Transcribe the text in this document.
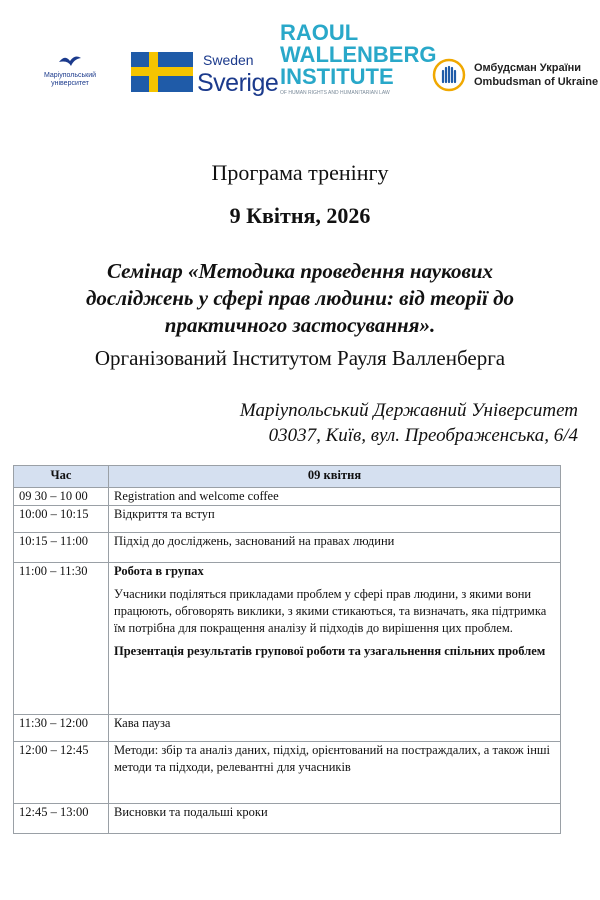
Маріупольський університет
Sweden
Sverige
RAOUL
WALLENBERG
INSTITUTE
OF HUMAN RIGHTS AND HUMANITARIAN LAW
Омбудсман України
Ombudsman of Ukraine
Програма тренінгу
9 Квітня, 2026
Семінар «Методика проведення наукових
досліджень у сфері прав людини: від теорії до
практичного застосування».
Організований Інститутом Рауля Валленберга
Маріупольський Державний Університет
03037, Київ, вул. Преображенська, 6/4
Час	09 квітня
09 30 – 10 00	Registration and welcome coffee
10:00 – 10:15	Відкриття та вступ
10:15 – 11:00	Підхід до досліджень, заснований на правах людини
11:00 – 11:30	Робота в групах
Учасники поділяться прикладами проблем у сфері прав людини, з якими вони працюють, обговорять виклики, з якими стикаються, та визначать, яка підтримка їм потрібна для покращення аналізу й підходів до вирішення цих проблем.
Презентація результатів групової роботи та узагальнення спільних проблем

11:30 – 12:00	Кава пауза
12:00 – 12:45	Методи: збір та аналіз даних, підхід, орієнтований на постраждалих, а також інші методи та підходи, релевантні для учасників
12:45 – 13:00	Висновки та подальші кроки
